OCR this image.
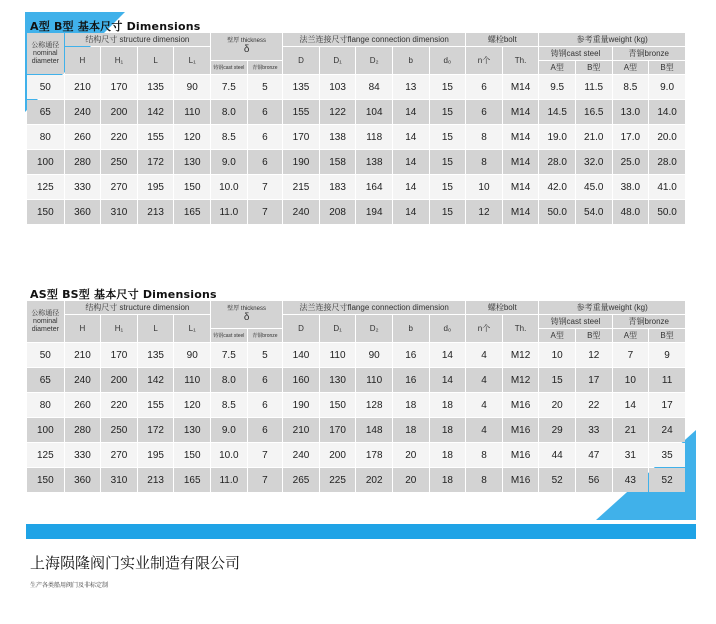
A型 B型 基本尺寸 Dimensions
公称通径 nominal diameter	结构尺寸 structure dimension				壁厚 thickness
δ		法兰连接尺寸flange connection dimension					螺栓bolt		参考重量weight (kg)			
	H	H₁	L	L₁			D	D₁	D₂	b	d₀	n个	Th.	铸钢cast steel		青铜bronze	
					铸钢cast steel	青铜bronze								A型	B型	A型	B型
50	210	170	135	90	7.5	5	135	103	84	13	15	6	M14	9.5	11.5	8.5	9.0
65	240	200	142	110	8.0	6	155	122	104	14	15	6	M14	14.5	16.5	13.0	14.0
80	260	220	155	120	8.5	6	170	138	118	14	15	8	M14	19.0	21.0	17.0	20.0
100	280	250	172	130	9.0	6	190	158	138	14	15	8	M14	28.0	32.0	25.0	28.0
125	330	270	195	150	10.0	7	215	183	164	14	15	10	M14	42.0	45.0	38.0	41.0
150	360	310	213	165	11.0	7	240	208	194	14	15	12	M14	50.0	54.0	48.0	50.0
AS型 BS型 基本尺寸 Dimensions
公称通径 nominal diameter	结构尺寸 structure dimension				壁厚 thickness
δ		法兰连接尺寸flange connection dimension					螺栓bolt		参考重量weight (kg)			
	H	H₁	L	L₁			D	D₁	D₂	b	d₀	n个	Th.	铸钢cast steel		青铜bronze	
					铸钢cast steel	青铜bronze								A型	B型	A型	B型
50	210	170	135	90	7.5	5	140	110	90	16	14	4	M12	10	12	7	9
65	240	200	142	110	8.0	6	160	130	110	16	14	4	M12	15	17	10	11
80	260	220	155	120	8.5	6	190	150	128	18	18	4	M16	20	22	14	17
100	280	250	172	130	9.0	6	210	170	148	18	18	4	M16	29	33	21	24
125	330	270	195	150	10.0	7	240	200	178	20	18	8	M16	44	47	31	35
150	360	310	213	165	11.0	7	265	225	202	20	18	8	M16	52	56	43	52
上海陨隆阀门实业制造有限公司
生产各类船用阀门及非标定制
